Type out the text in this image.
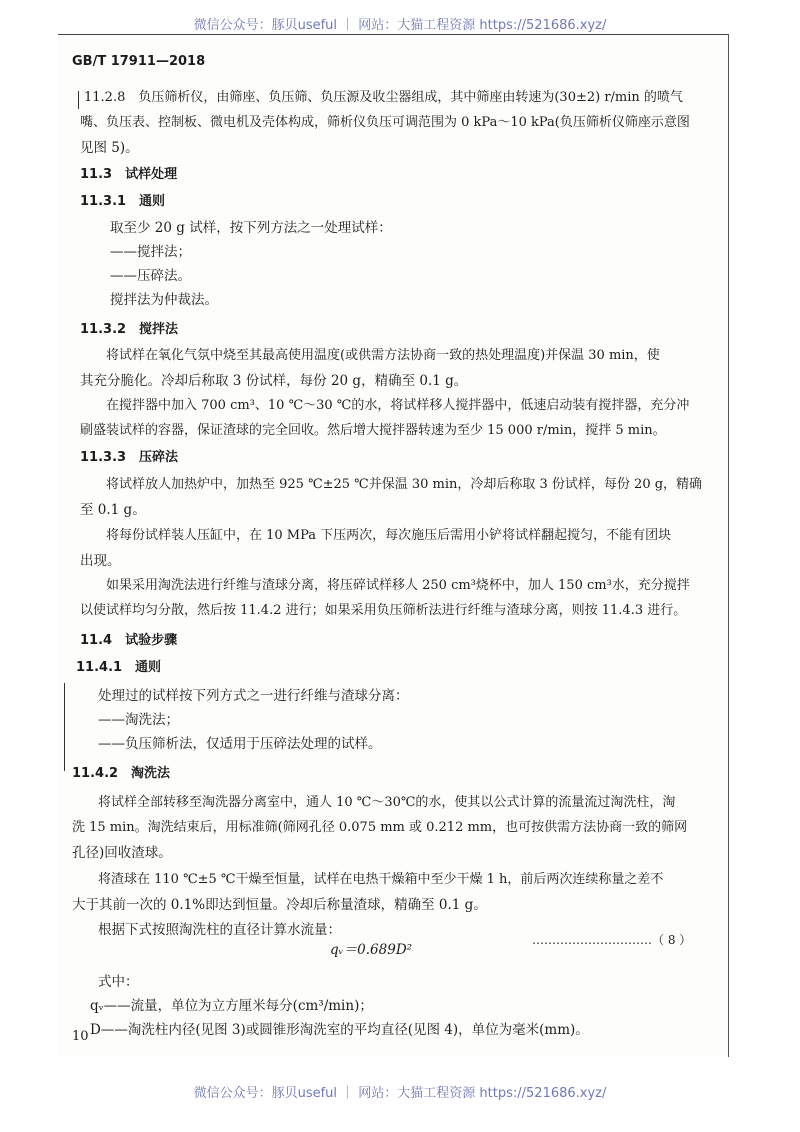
微信公众号：豚贝useful ｜ 网站：大猫工程资源 https://521686.xyz/
GB/T 17911—2018
11.2.8　负压筛析仪，由筛座、负压筛、负压源及收尘器组成，其中筛座由转速为(30±2) r/min 的喷气
嘴、负压表、控制板、微电机及壳体构成，筛析仪负压可调范围为 0 kPa～10 kPa(负压筛析仪筛座示意图
见图 5)。
11.3　试样处理
11.3.1　通则
取至少 20 g 试样，按下列方法之一处理试样：
——搅拌法；
——压碎法。
搅拌法为仲裁法。
11.3.2　搅拌法
将试样在氧化气氛中烧至其最高使用温度(或供需方法协商一致的热处理温度)并保温 30 min，使
其充分脆化。冷却后称取 3 份试样，每份 20 g，精确至 0.1 g。
在搅拌器中加入 700 cm³、10 ℃～30 ℃的水，将试样移人搅拌器中，低速启动装有搅拌器，充分冲
刷盛装试样的容器，保证渣球的完全回收。然后增大搅拌器转速为至少 15 000 r/min，搅拌 5 min。
11.3.3　压碎法
将试样放人加热炉中，加热至 925 ℃±25 ℃并保温 30 min，冷却后称取 3 份试样，每份 20 g，精确
至 0.1 g。
将每份试样装人压缸中，在 10 MPa 下压两次，每次施压后需用小铲将试样翻起搅匀，不能有团块
出现。
如果采用淘洗法进行纤维与渣球分离，将压碎试样移人 250 cm³烧杯中，加人 150 cm³水，充分搅拌
以使试样均匀分散，然后按 11.4.2 进行；如果采用负压筛析法进行纤维与渣球分离，则按 11.4.3 进行。
11.4　试验步骤
11.4.1　通则
处理过的试样按下列方式之一进行纤维与渣球分离：
——淘洗法；
——负压筛析法，仅适用于压碎法处理的试样。
11.4.2　淘洗法
将试样全部转移至淘洗器分离室中，通人 10 ℃～30℃的水，使其以公式计算的流量流过淘洗柱，淘
洗 15 min。淘洗结束后，用标准筛(筛网孔径 0.075 mm 或 0.212 mm，也可按供需方法协商一致的筛网
孔径)回收渣球。
将渣球在 110 ℃±5 ℃干燥至恒量，试样在电热干燥箱中至少干燥 1 h，前后两次连续称量之差不
大于其前一次的 0.1%即达到恒量。冷却后称量渣球，精确至 0.1 g。
根据下式按照淘洗柱的直径计算水流量：
qᵥ＝0.689D²
…………………………（ 8 ）
式中：
qᵥ——流量，单位为立方厘米每分(cm³/min)；
D——淘洗柱内径(见图 3)或圆锥形淘洗室的平均直径(见图 4)，单位为毫米(mm)。
10
微信公众号：豚贝useful ｜ 网站：大猫工程资源 https://521686.xyz/
